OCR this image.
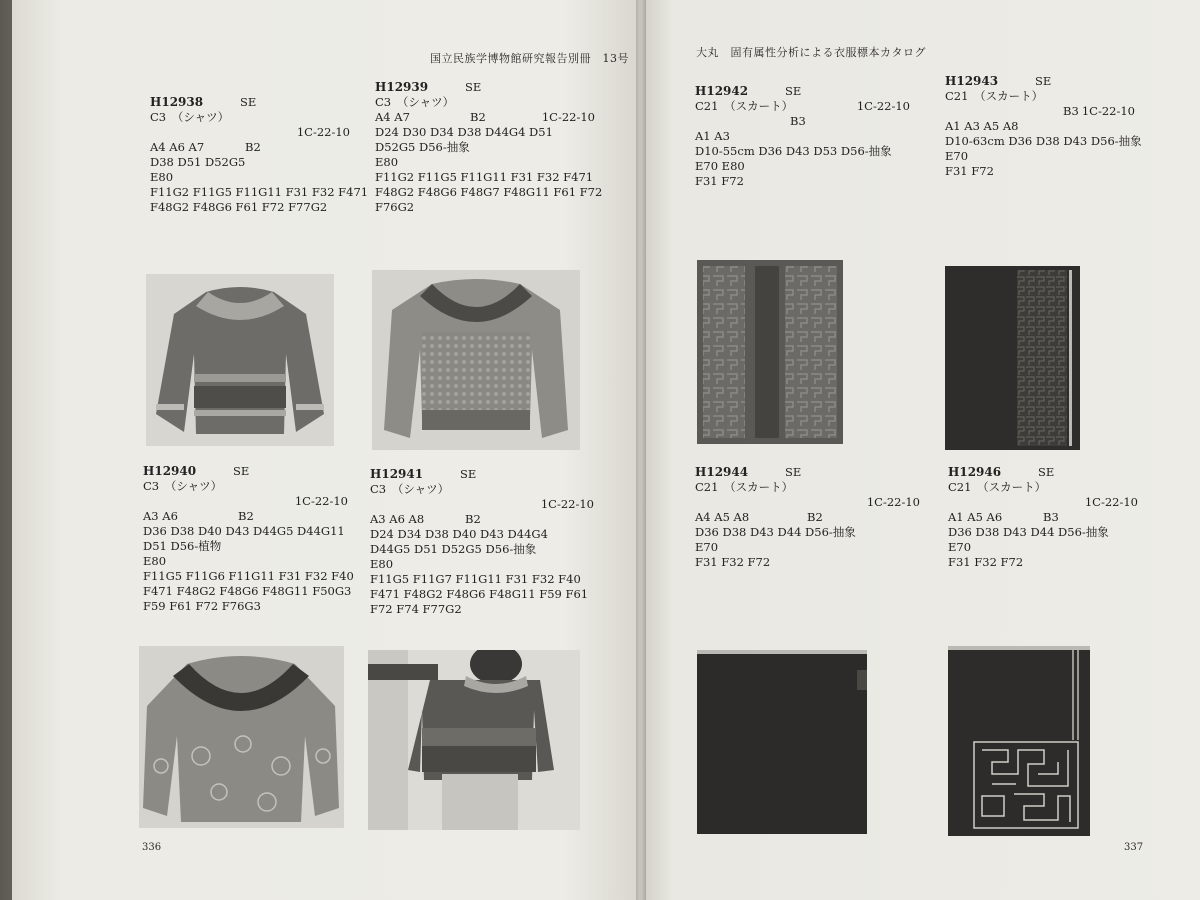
国立民族学博物館研究報告別冊　13号	大丸　固有属性分析による衣服標本カタログ
H12938	SE
C3　（シャツ）
1C-22-10
A4 A6 A7	B2
D38 D51 D52G5
E80
F11G2 F11G5 F11G11 F31 F32 F471
F48G2 F48G6 F61 F72 F77G2
H12939	SE
C3　（シャツ）
A4 A7	B2	1C-22-10
D24 D30 D34 D38 D44G4 D51
D52G5 D56-抽象
E80
F11G2 F11G5 F11G11 F31 F32 F471
F48G2 F48G6 F48G7 F48G11 F61 F72
F76G2
H12942	SE
C21　（スカート）	1C-22-10
B3
A1 A3
D10-55cm D36 D43 D53 D56-抽象
E70 E80
F31 F72
H12943	SE
C21　（スカート）
B3 1C-22-10
A1 A3 A5 A8
D10-63cm D36 D38 D43 D56-抽象
E70
F31 F72
H12940	SE
C3　（シャツ）
1C-22-10
A3 A6	B2
D36 D38 D40 D43 D44G5 D44G11
D51 D56-植物
E80
F11G5 F11G6 F11G11 F31 F32 F40
F471 F48G2 F48G6 F48G11 F50G3
F59 F61 F72 F76G3
H12941	SE
C3　（シャツ）
1C-22-10
A3 A6 A8	B2
D24 D34 D38 D40 D43 D44G4
D44G5 D51 D52G5 D56-抽象
E80
F11G5 F11G7 F11G11 F31 F32 F40
F471 F48G2 F48G6 F48G11 F59 F61
F72 F74 F77G2
H12944	SE
C21　（スカート）
1C-22-10
A4 A5 A8	B2
D36 D38 D43 D44 D56-抽象
E70
F31 F32 F72
H12946	SE
C21　（スカート）
1C-22-10
A1 A5 A6	B3
D36 D38 D43 D44 D56-抽象
E70
F31 F32 F72
336	337
